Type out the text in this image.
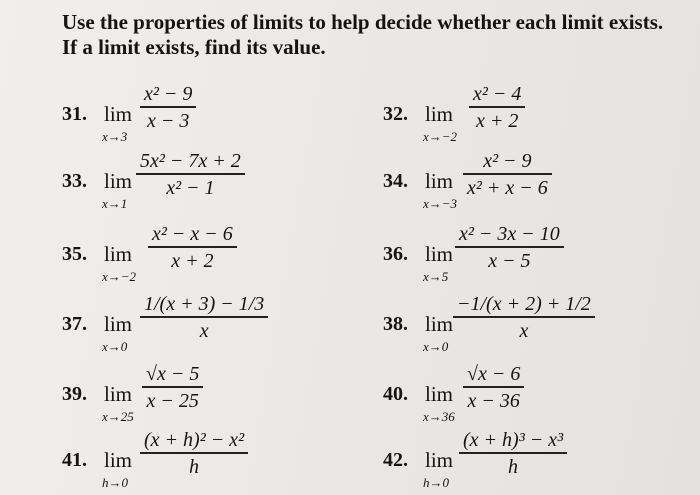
Use the properties of limits to help decide whether each limit exists. If a limit exists, find its value.
31. lim
x→3
x² − 9
x − 3	32. lim
x→−2
x² − 4
x + 2
33. lim
x→1
5x² − 7x + 2
x² − 1	34. lim
x→−3
x² − 9
x² + x − 6
35. lim
x→−2
x² − x − 6
x + 2	36. lim
x→5
x² − 3x − 10
x − 5
37. lim
x→0
1/(x + 3) − 1/3
x	38. lim
x→0
−1/(x + 2) + 1/2
x
39. lim
x→25
√x − 5
x − 25	40. lim
x→36
√x − 6
x − 36
41. lim
h→0
(x + h)² − x²
h	42. lim
h→0
(x + h)³ − x³
h
